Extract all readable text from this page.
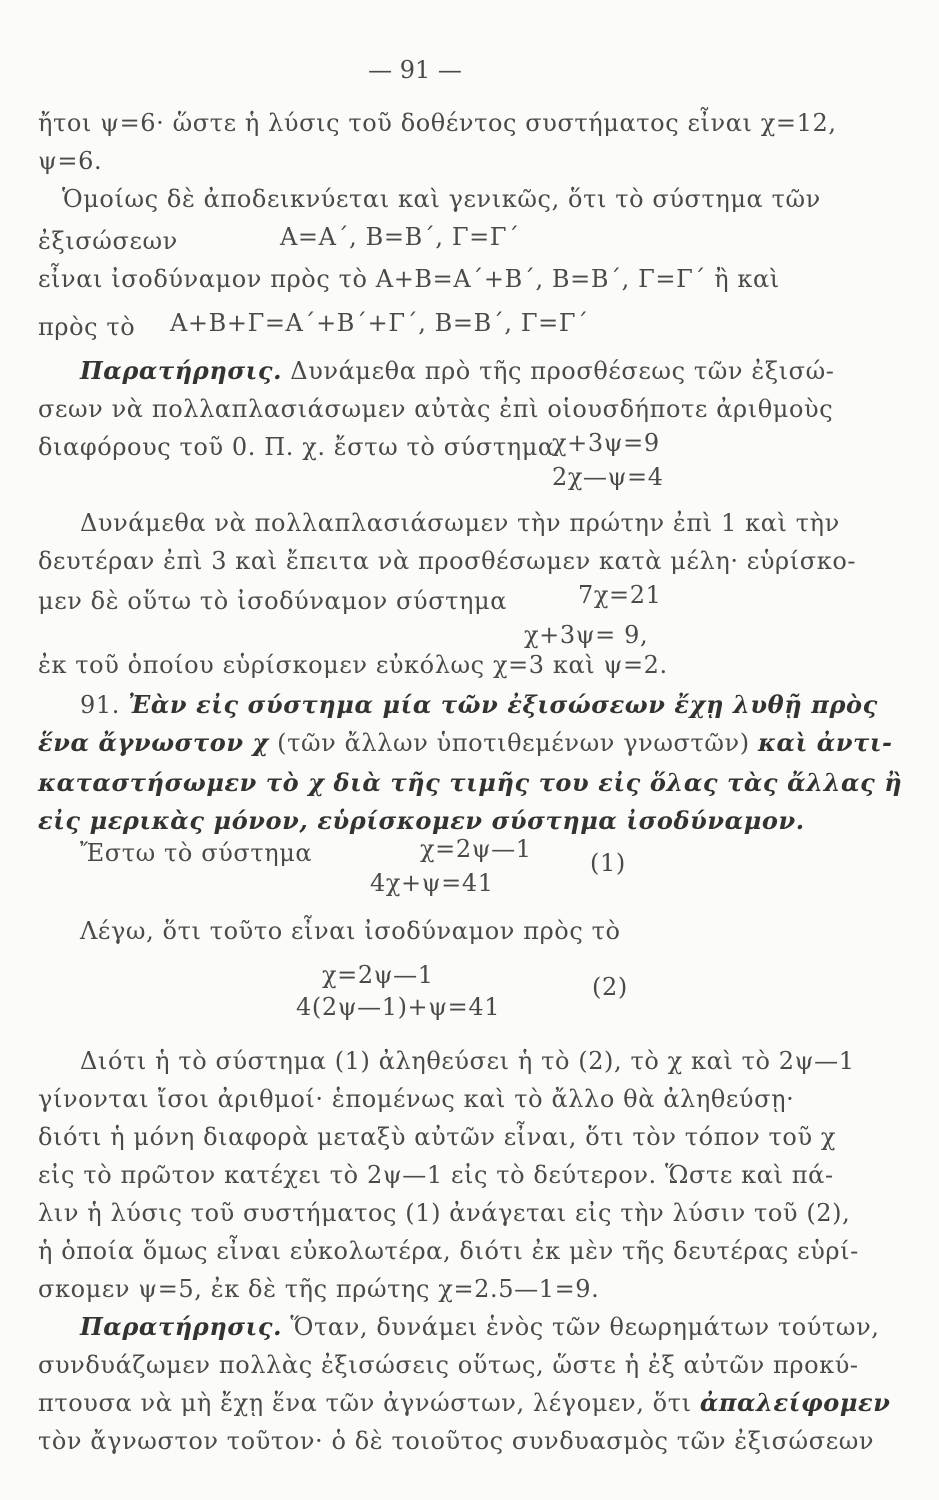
— 91 —
ἤτοι ψ=6· ὥστε ἡ λύσις τοῦ δοθέντος συστήματος εἶναι χ=12,
ψ=6.
Ὁμοίως δὲ ἀποδεικνύεται καὶ γενικῶς, ὅτι τὸ σύστημα τῶν
ἐξισώσεων	Α=Α΄, Β=Β΄, Γ=Γ΄
εἶναι ἰσοδύναμον πρὸς τὸ Α+Β=Α΄+Β΄, Β=Β΄, Γ=Γ΄ ἢ καὶ
πρὸς τὸ Α+Β+Γ=Α΄+Β΄+Γ΄, Β=Β΄, Γ=Γ΄
Παρατήρησις. Δυνάμεθα πρὸ τῆς προσθέσεως τῶν ἐξισώ-
σεων νὰ πολλαπλασιάσωμεν αὐτὰς ἐπὶ οἱουσδήποτε ἀριθμοὺς
διαφόρους τοῦ 0. Π. χ. ἔστω τὸ σύστημα
χ+3ψ=9
2χ—ψ=4
Δυνάμεθα νὰ πολλαπλασιάσωμεν τὴν πρώτην ἐπὶ 1 καὶ τὴν
δευτέραν ἐπὶ 3 καὶ ἔπειτα νὰ προσθέσωμεν κατὰ μέλη· εὑρίσκο-
μεν δὲ οὕτω τὸ ἰσοδύναμον σύστημα	7χ=21
χ+3ψ= 9,
ἐκ τοῦ ὁποίου εὑρίσκομεν εὐκόλως χ=3 καὶ ψ=2.
91. Ἐὰν εἰς σύστημα μία τῶν ἐξισώσεων ἔχῃ λυθῇ πρὸς
ἕνα ἄγνωστον χ (τῶν ἄλλων ὑποτιθεμένων γνωστῶν) καὶ ἀντι-
καταστήσωμεν τὸ χ διὰ τῆς τιμῆς του εἰς ὅλας τὰς ἄλλας ἢ
εἰς μερικὰς μόνον, εὑρίσκομεν σύστημα ἰσοδύναμον.
Ἔστω τὸ σύστημα	χ=2ψ—1 (1)
4χ+ψ=41
Λέγω, ὅτι τοῦτο εἶναι ἰσοδύναμον πρὸς τὸ
χ=2ψ—1	(2)
4(2ψ—1)+ψ=41
Διότι ἡ τὸ σύστημα (1) ἀληθεύσει ἡ τὸ (2), τὸ χ καὶ τὸ 2ψ—1
γίνονται ἴσοι ἀριθμοί· ἑπομένως καὶ τὸ ἄλλο θὰ ἀληθεύσῃ·
διότι ἡ μόνη διαφορὰ μεταξὺ αὐτῶν εἶναι, ὅτι τὸν τόπον τοῦ χ
εἰς τὸ πρῶτον κατέχει τὸ 2ψ—1 εἰς τὸ δεύτερον. Ὥστε καὶ πά-
λιν ἡ λύσις τοῦ συστήματος (1) ἀνάγεται εἰς τὴν λύσιν τοῦ (2),
ἡ ὁποία ὅμως εἶναι εὐκολωτέρα, διότι ἐκ μὲν τῆς δευτέρας εὑρί-
σκομεν ψ=5, ἐκ δὲ τῆς πρώτης χ=2.5—1=9.
Παρατήρησις. Ὅταν, δυνάμει ἑνὸς τῶν θεωρημάτων τούτων,
συνδυάζωμεν πολλὰς ἐξισώσεις οὕτως, ὥστε ἡ ἐξ αὐτῶν προκύ-
πτουσα νὰ μὴ ἔχῃ ἕνα τῶν ἀγνώστων, λέγομεν, ὅτι ἀπαλείφομεν
τὸν ἄγνωστον τοῦτον· ὁ δὲ τοιοῦτος συνδυασμὸς τῶν ἐξισώσεων
